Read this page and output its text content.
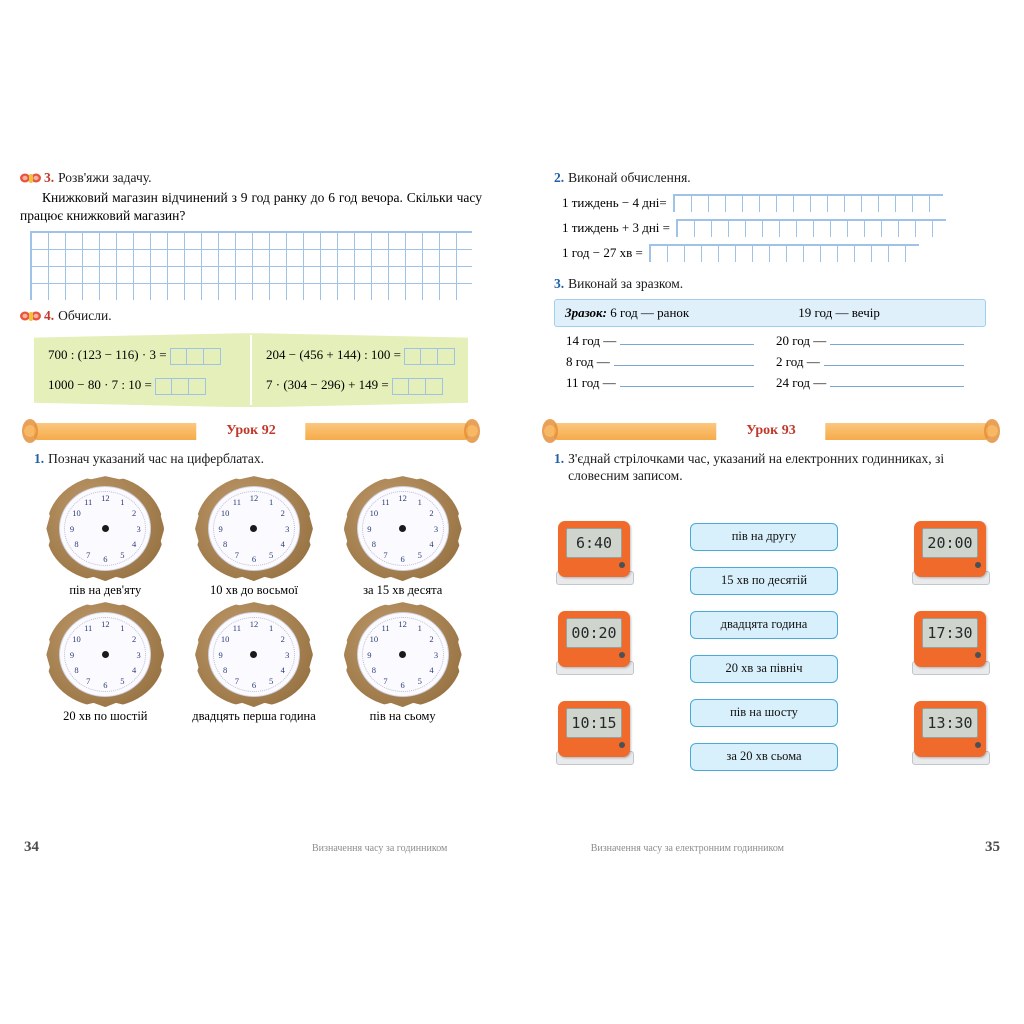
3. Розв'яжи задачу.
Книжковий магазин відчинений з 9 год ранку до 6 год вечора. Скільки часу працює книжковий магазин?
4. Обчисли.
700 : (123 − 116) · 3 =	204 − (456 + 144) : 100 =
1000 − 80 · 7 : 10 =	7 · (304 − 296) + 149 =
Урок 92
1. Познач указаний час на циферблатах.
12 1
2
3
4
5
6
7
8
9
10
11
пів на дев'яту
12 1
2
3
4
5
6
7
8
9
10
11
10 хв до восьмої
12 1
2
3
4
5
6
7
8
9
10
11
за 15 хв десята
12 1
2
3
4
5
6
7
8
9
10
11
20 хв по шостій
12 1
2
3
4
5
6
7
8
9
10
11
двадцять перша година
12 1
2
3
4
5
6
7
8
9
10
11
пів на сьому
2. Виконай обчислення.
1 тиждень − 4 дні=
1 тиждень + 3 дні =
1 год − 27 хв =
3. Виконай за зразком.
Зразок: 6 год — ранок	19 год — вечір
14 год —	20 год —
8 год —	2 год —
11 год —	24 год —
Урок 93
1. З'єднай стрілочками час, указаний на електронних годинниках, зі словесним записом.
6:40
00:20
10:15
пів на другу
15 хв по десятій
двадцята година
20 хв за північ
пів на шосту
за 20 хв сьома
20:00
17:30
13:30
34	35
Визначення часу за годинником	Визначення часу за електронним годинником
